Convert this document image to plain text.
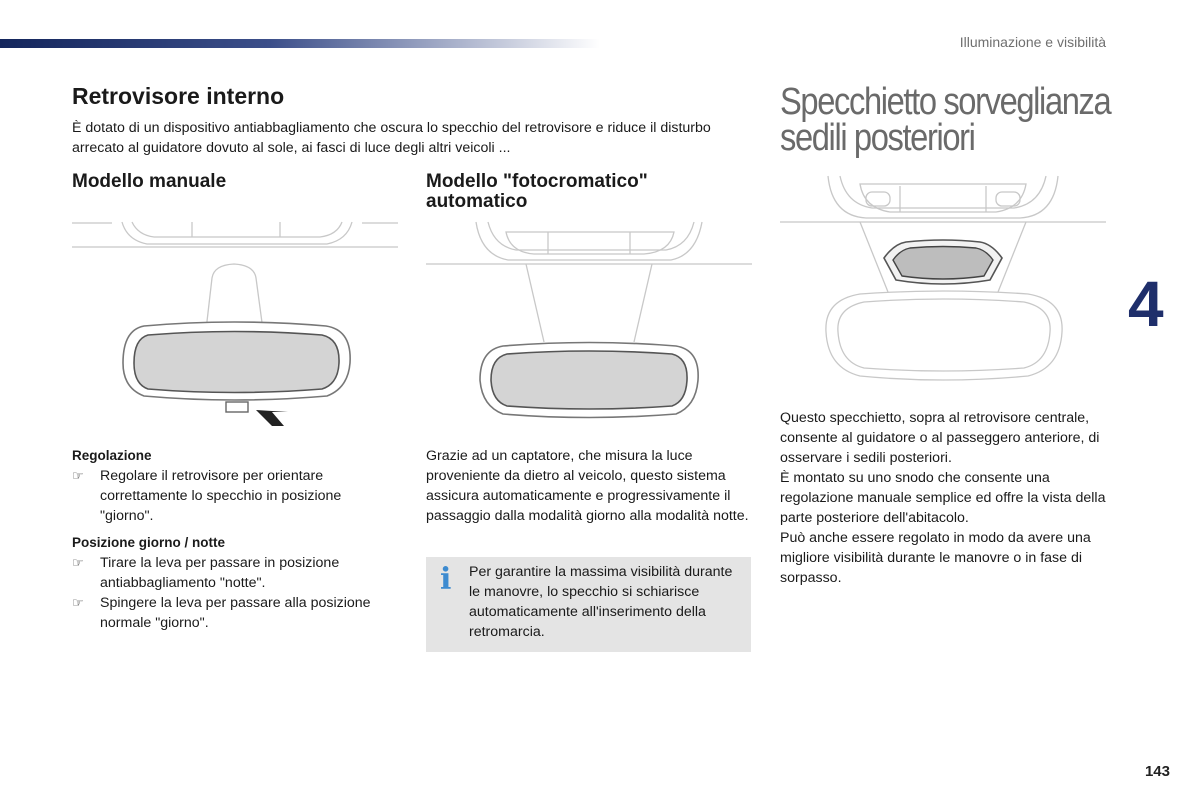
Illuminazione e visibilità
4
Retrovisore interno
È dotato di un dispositivo antiabbagliamento che oscura lo specchio del retrovisore e riduce il disturbo arrecato al guidatore dovuto al sole, ai fasci di luce degli altri veicoli ...
Modello manuale	Modello "fotocromatico" automatico
Regolazione
☞	Regolare il retrovisore per orientare correttamente lo specchio in posizione "giorno".
Posizione giorno / notte
☞	Tirare la leva per passare in posizione antiabbagliamento "notte".
☞	Spingere la leva per passare alla posizione normale "giorno".
Grazie ad un captatore, che misura la luce proveniente da dietro al veicolo, questo sistema assicura automaticamente e progressivamente il passaggio dalla modalità giorno alla modalità notte.
i Per garantire la massima visibilità durante le manovre, lo specchio si schiarisce automaticamente all'inserimento della retromarcia.
Specchietto sorveglianza
sedili posteriori
Questo specchietto, sopra al retrovisore centrale, consente al guidatore o al passeggero anteriore, di osservare i sedili posteriori.
È montato su uno snodo che consente una regolazione manuale semplice ed offre la vista della parte posteriore dell'abitacolo.
Può anche essere regolato in modo da avere una migliore visibilità durante le manovre o in fase di sorpasso.
143
